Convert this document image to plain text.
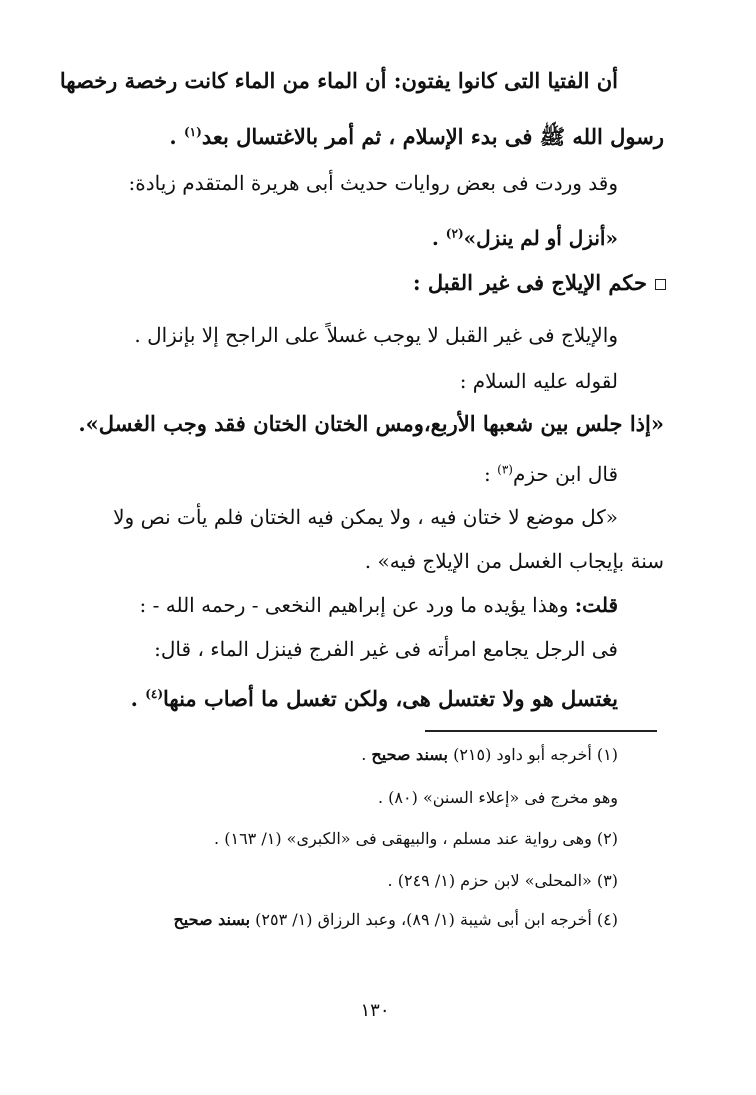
أن الفتيا التى كانوا يفتون: أن الماء من الماء كانت رخصة رخصها
رسول الله ﷺ فى بدء الإسلام ، ثم أمر بالاغتسال بعد$^{(١)}$ .
وقد وردت فى بعض روايات حديث أبى هريرة المتقدم زيادة:
«أنزل أو لم ينزل»$^{(٢)}$ .
حكم الإيلاج فى غير القبل :
والإيلاج فى غير القبل لا يوجب غسلاً على الراجح إلا بإنزال .
لقوله عليه السلام :
«إذا جلس بين شعبها الأربع،ومس الختان الختان فقد وجب الغسل».
قال ابن حزم$^{(٣)}$ :
«كل موضع لا ختان فيه ، ولا يمكن فيه الختان فلم يأت نص ولا
سنة بإيجاب الغسل من الإيلاج فيه» .
قلت: وهذا يؤيده ما ورد عن إبراهيم النخعى - رحمه الله - :
فى الرجل يجامع امرأته فى غير الفرج فينزل الماء ، قال:
يغتسل هو ولا تغتسل هى، ولكن تغسل ما أصاب منها$^{(٤)}$ .
(١) أخرجه أبو داود (٢١٥) بسند صحيح .
وهو مخرج فى «إعلاء السنن» (٨٠) .
(٢) وهى رواية عند مسلم ، والبيهقى فى «الكبرى» (١/ ١٦٣) .
(٣) «المحلى» لابن حزم (١/ ٢٤٩) .
(٤) أخرجه ابن أبى شيبة (١/ ٨٩)، وعبد الرزاق (١/ ٢٥٣) بسند صحيح
١٣٠
